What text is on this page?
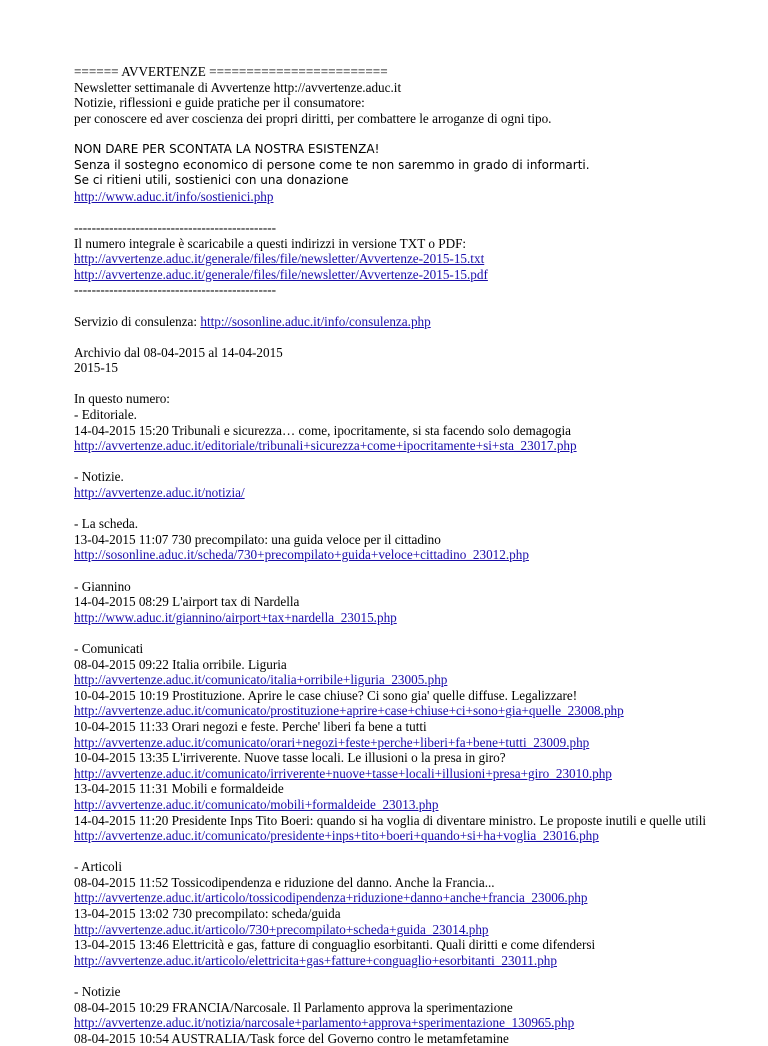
====== AVVERTENZE ========================
Newsletter settimanale di Avvertenze http://avvertenze.aduc.it
Notizie, riflessioni e guide pratiche per il consumatore:
per conoscere ed aver coscienza dei propri diritti, per combattere le arroganze di ogni tipo.
NON DARE PER SCONTATA LA NOSTRA ESISTENZA!
Senza il sostegno economico di persone come te non saremmo in grado di informarti.
Se ci ritieni utili, sostienici con una donazione
http://www.aduc.it/info/sostienici.php
----------------------------------------------
Il numero integrale è scaricabile a questi indirizzi in versione TXT o PDF:
http://avvertenze.aduc.it/generale/files/file/newsletter/Avvertenze-2015-15.txt
http://avvertenze.aduc.it/generale/files/file/newsletter/Avvertenze-2015-15.pdf
----------------------------------------------
Servizio di consulenza: http://sosonline.aduc.it/info/consulenza.php
Archivio dal 08-04-2015 al 14-04-2015
2015-15
In questo numero:
- Editoriale.
14-04-2015 15:20 Tribunali e sicurezza… come, ipocritamente, si sta facendo solo demagogia
http://avvertenze.aduc.it/editoriale/tribunali+sicurezza+come+ipocritamente+si+sta_23017.php
- Notizie.
http://avvertenze.aduc.it/notizia/
- La scheda.
13-04-2015 11:07 730 precompilato: una guida veloce per il cittadino
http://sosonline.aduc.it/scheda/730+precompilato+guida+veloce+cittadino_23012.php
- Giannino
14-04-2015 08:29 L'airport tax di Nardella
http://www.aduc.it/giannino/airport+tax+nardella_23015.php
- Comunicati
08-04-2015 09:22 Italia orribile. Liguria
http://avvertenze.aduc.it/comunicato/italia+orribile+liguria_23005.php
10-04-2015 10:19 Prostituzione. Aprire le case chiuse? Ci sono gia' quelle diffuse. Legalizzare!
http://avvertenze.aduc.it/comunicato/prostituzione+aprire+case+chiuse+ci+sono+gia+quelle_23008.php
10-04-2015 11:33 Orari negozi e feste. Perche' liberi fa bene a tutti
http://avvertenze.aduc.it/comunicato/orari+negozi+feste+perche+liberi+fa+bene+tutti_23009.php
10-04-2015 13:35 L'irriverente. Nuove tasse locali. Le illusioni o la presa in giro?
http://avvertenze.aduc.it/comunicato/irriverente+nuove+tasse+locali+illusioni+presa+giro_23010.php
13-04-2015 11:31 Mobili e formaldeide
http://avvertenze.aduc.it/comunicato/mobili+formaldeide_23013.php
14-04-2015 11:20 Presidente Inps Tito Boeri: quando si ha voglia di diventare ministro. Le proposte inutili e quelle utili
http://avvertenze.aduc.it/comunicato/presidente+inps+tito+boeri+quando+si+ha+voglia_23016.php
- Articoli
08-04-2015 11:52 Tossicodipendenza e riduzione del danno. Anche la Francia...
http://avvertenze.aduc.it/articolo/tossicodipendenza+riduzione+danno+anche+francia_23006.php
13-04-2015 13:02 730 precompilato: scheda/guida
http://avvertenze.aduc.it/articolo/730+precompilato+scheda+guida_23014.php
13-04-2015 13:46 Elettricità e gas, fatture di conguaglio esorbitanti. Quali diritti e come difendersi
http://avvertenze.aduc.it/articolo/elettricita+gas+fatture+conguaglio+esorbitanti_23011.php
- Notizie
08-04-2015 10:29 FRANCIA/Narcosale. Il Parlamento approva la sperimentazione
http://avvertenze.aduc.it/notizia/narcosale+parlamento+approva+sperimentazione_130965.php
08-04-2015 10:54 AUSTRALIA/Task force del Governo contro le metamfetamine
